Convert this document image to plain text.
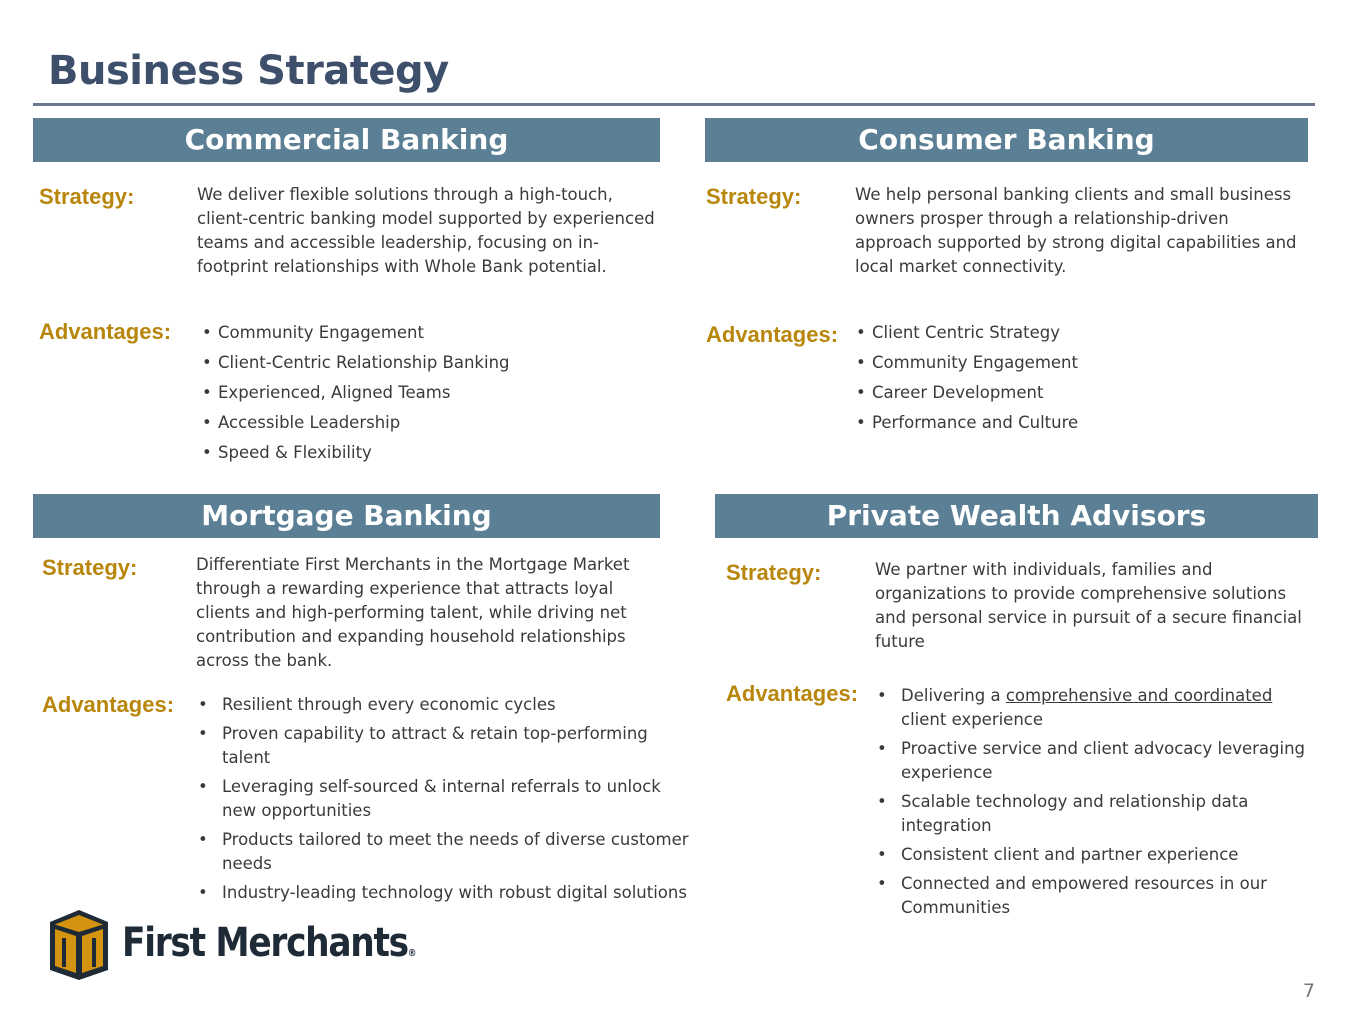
Business Strategy
Commercial Banking
Strategy:	We deliver flexible solutions through a high-touch, client-centric banking model supported by experienced teams and accessible leadership, focusing on in-footprint relationships with Whole Bank potential.
Advantages:	• Community Engagement
• Client-Centric Relationship Banking
• Experienced, Aligned Teams
• Accessible Leadership
• Speed & Flexibility
Consumer Banking
Strategy:	We help personal banking clients and small business owners prosper through a relationship-driven approach supported by strong digital capabilities and local market connectivity.
Advantages:	• Client Centric Strategy
• Community Engagement
• Career Development
• Performance and Culture
Mortgage Banking
Strategy:	Differentiate First Merchants in the Mortgage Market through a rewarding experience that attracts loyal clients and high-performing talent, while driving net contribution and expanding household relationships across the bank.
Advantages:	• Resilient through every economic cycles
• Proven capability to attract & retain top-performing talent
• Leveraging self-sourced & internal referrals to unlock new opportunities
• Products tailored to meet the needs of diverse customer needs
• Industry-leading technology with robust digital solutions
Private Wealth Advisors
Strategy:	We partner with individuals, families and organizations to provide comprehensive solutions and personal service in pursuit of a secure financial future
Advantages:	• Delivering a comprehensive and coordinated client experience
• Proactive service and client advocacy leveraging experience
• Scalable technology and relationship data integration
• Consistent client and partner experience
• Connected and empowered resources in our Communities
First Merchants®
7
